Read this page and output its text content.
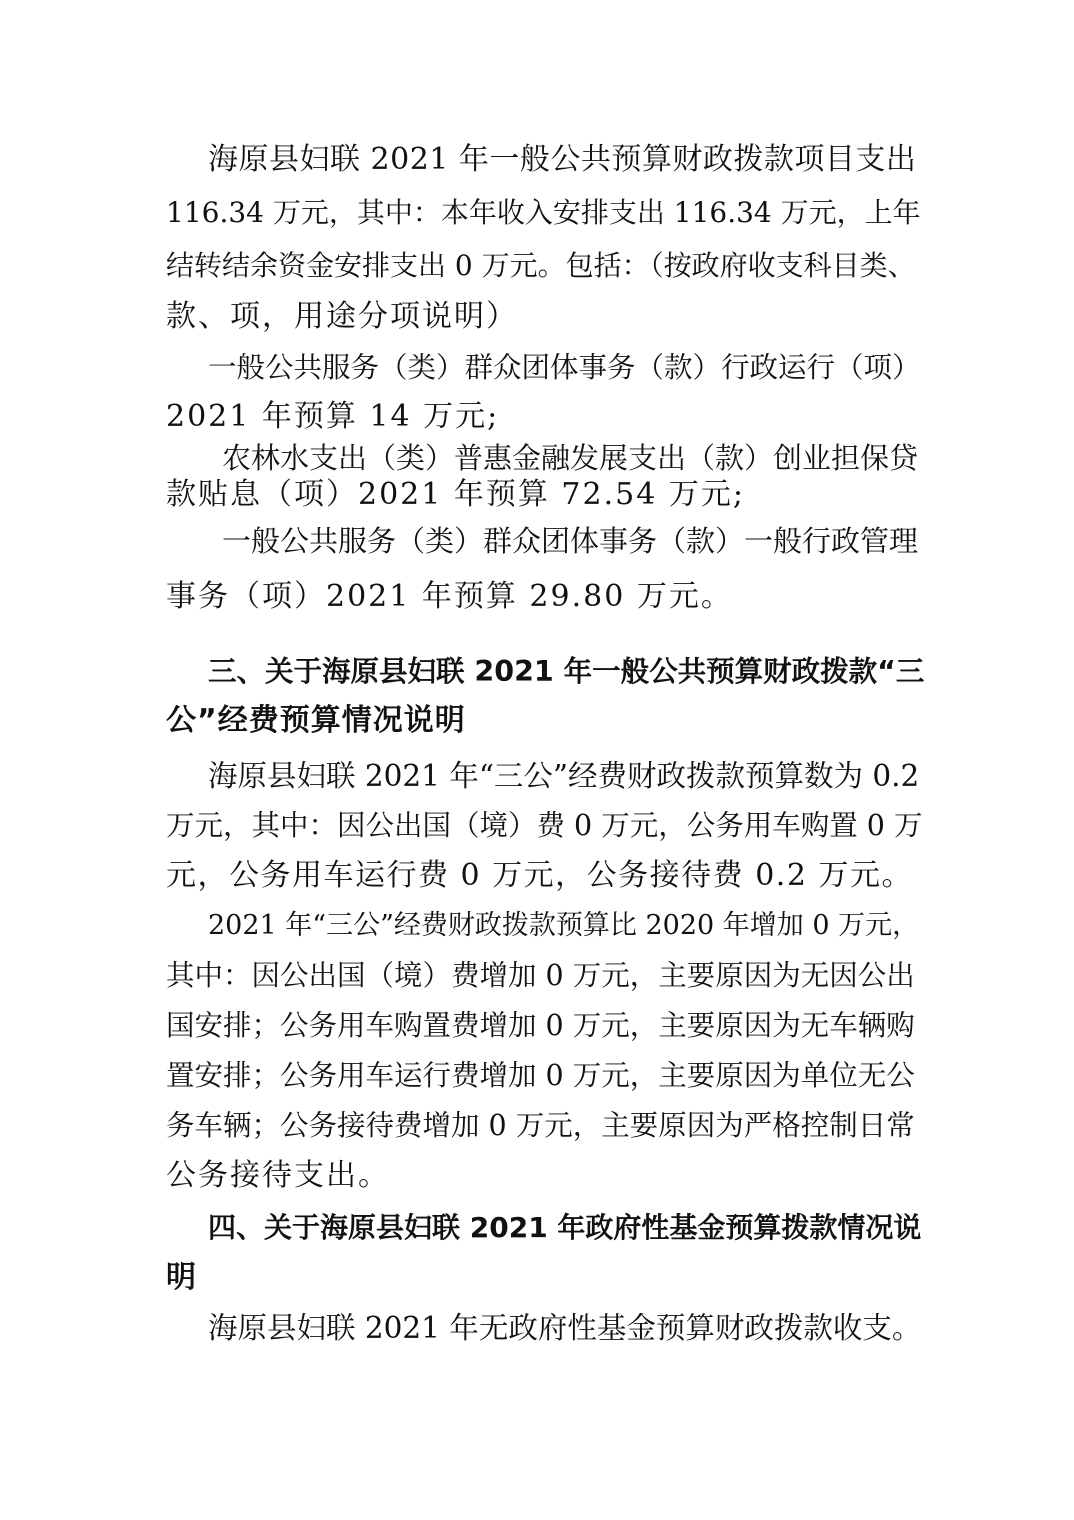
海原县妇联 2021 年一般公共预算财政拨款项目支出
116.34 万元，其中：本年收入安排支出 116.34 万元，上年
结转结余资金安排支出 0 万元。包括：（按政府收支科目类、
款、项，用途分项说明）
一般公共服务（类）群众团体事务（款）行政运行（项）
2021 年预算 14 万元;
农林水支出（类）普惠金融发展支出（款）创业担保贷
款贴息（项）2021 年预算 72.54 万元;
一般公共服务（类）群众团体事务（款）一般行政管理
事务（项）2021 年预算 29.80 万元。
三、关于海原县妇联 2021 年一般公共预算财政拨款“三
公”经费预算情况说明
海原县妇联 2021 年“三公”经费财政拨款预算数为 0.2
万元，其中：因公出国（境）费 0 万元，公务用车购置 0 万
元，公务用车运行费 0 万元，公务接待费 0.2 万元。
2021 年“三公”经费财政拨款预算比 2020 年增加 0 万元，
其中：因公出国（境）费增加 0 万元，主要原因为无因公出
国安排；公务用车购置费增加 0 万元，主要原因为无车辆购
置安排；公务用车运行费增加 0 万元，主要原因为单位无公
务车辆；公务接待费增加 0 万元，主要原因为严格控制日常
公务接待支出。
四、关于海原县妇联 2021 年政府性基金预算拨款情况说
明
海原县妇联 2021 年无政府性基金预算财政拨款收支。
